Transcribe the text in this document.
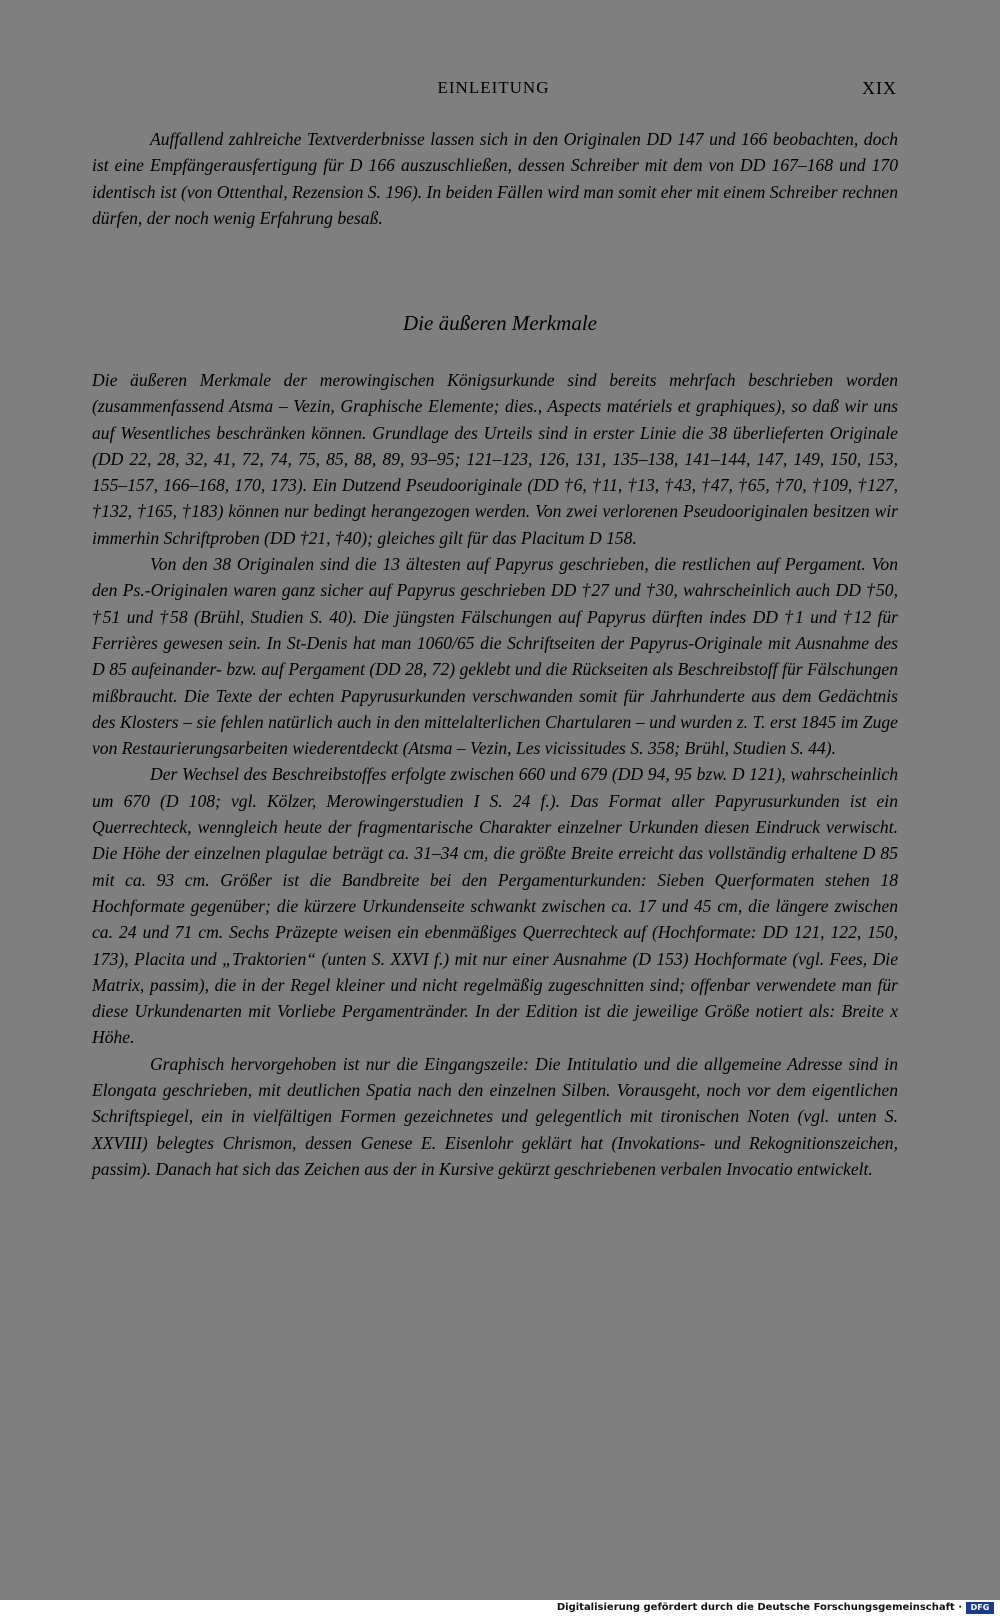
EINLEITUNG	XIX

Auffallend zahlreiche Textverderbnisse lassen sich in den Originalen DD 147 und 166 beobachten, doch ist eine Empfängerausfertigung für D 166 auszuschließen, dessen Schreiber mit dem von DD 167–168 und 170 identisch ist (von Ottenthal, Rezension S. 196). In beiden Fällen wird man somit eher mit einem Schreiber rechnen dürfen, der noch wenig Erfahrung besaß.

Die äußeren Merkmale

Die äußeren Merkmale der merowingischen Königsurkunde sind bereits mehrfach beschrieben worden (zusammenfassend Atsma – Vezin, Graphische Elemente; dies., Aspects matériels et graphiques), so daß wir uns auf Wesentliches beschränken können. Grundlage des Urteils sind in erster Linie die 38 überlieferten Originale (DD 22, 28, 32, 41, 72, 74, 75, 85, 88, 89, 93–95; 121–123, 126, 131, 135–138, 141–144, 147, 149, 150, 153, 155–157, 166–168, 170, 173). Ein Dutzend Pseudooriginale (DD †6, †11, †13, †43, †47, †65, †70, †109, †127, †132, †165, †183) können nur bedingt herangezogen werden. Von zwei verlorenen Pseudooriginalen besitzen wir immerhin Schriftproben (DD †21, †40); gleiches gilt für das Placitum D 158.

Von den 38 Originalen sind die 13 ältesten auf Papyrus geschrieben, die restlichen auf Pergament. Von den Ps.-Originalen waren ganz sicher auf Papyrus geschrieben DD †27 und †30, wahrscheinlich auch DD †50, †51 und †58 (Brühl, Studien S. 40). Die jüngsten Fälschungen auf Papyrus dürften indes DD †1 und †12 für Ferrières gewesen sein. In St-Denis hat man 1060/65 die Schriftseiten der Papyrus-Originale mit Ausnahme des D 85 aufeinander- bzw. auf Pergament (DD 28, 72) geklebt und die Rückseiten als Beschreibstoff für Fälschungen mißbraucht. Die Texte der echten Papyrusurkunden verschwanden somit für Jahrhunderte aus dem Gedächtnis des Klosters – sie fehlen natürlich auch in den mittelalterlichen Chartularen – und wurden z. T. erst 1845 im Zuge von Restaurierungsarbeiten wiederentdeckt (Atsma – Vezin, Les vicissitudes S. 358; Brühl, Studien S. 44).

Der Wechsel des Beschreibstoffes erfolgte zwischen 660 und 679 (DD 94, 95 bzw. D 121), wahrscheinlich um 670 (D 108; vgl. Kölzer, Merowingerstudien I S. 24 f.). Das Format aller Papyrusurkunden ist ein Querrechteck, wenngleich heute der fragmentarische Charakter einzelner Urkunden diesen Eindruck verwischt. Die Höhe der einzelnen plagulae beträgt ca. 31–34 cm, die größte Breite erreicht das vollständig erhaltene D 85 mit ca. 93 cm. Größer ist die Bandbreite bei den Pergamenturkunden: Sieben Querformaten stehen 18 Hochformate gegenüber; die kürzere Urkundenseite schwankt zwischen ca. 17 und 45 cm, die längere zwischen ca. 24 und 71 cm. Sechs Präzepte weisen ein ebenmäßiges Querrechteck auf (Hochformate: DD 121, 122, 150, 173), Placita und „Traktorien“ (unten S. XXVI f.) mit nur einer Ausnahme (D 153) Hochformate (vgl. Fees, Die Matrix, passim), die in der Regel kleiner und nicht regelmäßig zugeschnitten sind; offenbar verwendete man für diese Urkundenarten mit Vorliebe Pergamentränder. In der Edition ist die jeweilige Größe notiert als: Breite x Höhe.

Graphisch hervorgehoben ist nur die Eingangszeile: Die Intitulatio und die allgemeine Adresse sind in Elongata geschrieben, mit deutlichen Spatia nach den einzelnen Silben. Vorausgeht, noch vor dem eigentlichen Schriftspiegel, ein in vielfältigen Formen gezeichnetes und gelegentlich mit tironischen Noten (vgl. unten S. XXVIII) belegtes Chrismon, dessen Genese E. Eisenlohr geklärt hat (Invokations- und Rekognitionszeichen, passim). Danach hat sich das Zeichen aus der in Kursive gekürzt geschriebenen verbalen Invocatio entwickelt.

Digitalisierung gefördert durch die Deutsche Forschungsgemeinschaft ·	DFG
